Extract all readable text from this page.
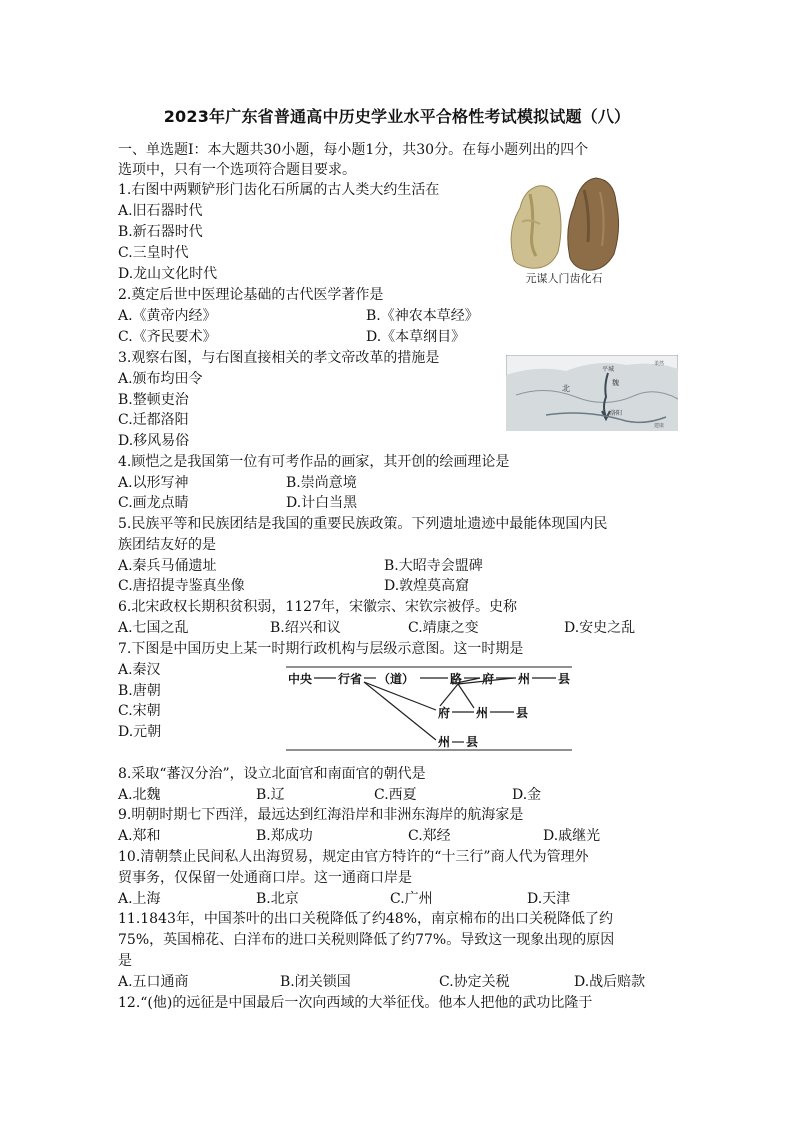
2023年广东省普通高中历史学业水平合格性考试模拟试题（八）
一、单选题Ⅰ：本大题共30小题，每小题1分，共30分。在每小题列出的四个
选项中，只有一个选项符合题目要求。
1.右图中两颗铲形门齿化石所属的古人类大约生活在
A.旧石器时代
B.新石器时代
C.三皇时代
D.龙山文化时代	元谋人门齿化石
2.奠定后世中医理论基础的古代医学著作是
A.《黄帝内经》	B.《神农本草经》
C.《齐民要术》	D.《本草纲目》
3.观察右图，与右图直接相关的孝文帝改革的措施是
A.颁布均田令
B.整顿吏治
C.迁都洛阳
D.移风易俗
北
平城
魏
洛阳
柔然
建康
4.顾恺之是我国第一位有可考作品的画家，其开创的绘画理论是
A.以形写神	B.崇尚意境
C.画龙点睛	D.计白当黑
5.民族平等和民族团结是我国的重要民族政策。下列遗址遗迹中最能体现国内民
族团结友好的是
A.秦兵马俑遗址	B.大昭寺会盟碑
C.唐招提寺鉴真坐像	D.敦煌莫高窟
6.北宋政权长期积贫积弱，1127年，宋徽宗、宋钦宗被俘。史称
A.七国之乱	B.绍兴和议	C.靖康之变	D.安史之乱
7.下图是中国历史上某一时期行政机构与层级示意图。这一时期是
A.秦汉
B.唐朝
C.宋朝
D.元朝
中央 行省 （道）	路 府 州 县
府 州 县
州 县
8.采取“蕃汉分治”，设立北面官和南面官的朝代是
A.北魏	B.辽	C.西夏	D.金
9.明朝时期七下西洋，最远达到红海沿岸和非洲东海岸的航海家是
A.郑和	B.郑成功	C.郑经	D.戚继光
10.清朝禁止民间私人出海贸易，规定由官方特许的“十三行”商人代为管理外
贸事务，仅保留一处通商口岸。这一通商口岸是
A.上海	B.北京	C.广州	D.天津
11.1843年，中国茶叶的出口关税降低了约48%，南京棉布的出口关税降低了约
75%，英国棉花、白洋布的进口关税则降低了约77%。导致这一现象出现的原因
是
A.五口通商	B.闭关锁国	C.协定关税	D.战后赔款
12.“(他)的远征是中国最后一次向西域的大举征伐。他本人把他的武功比隆于
